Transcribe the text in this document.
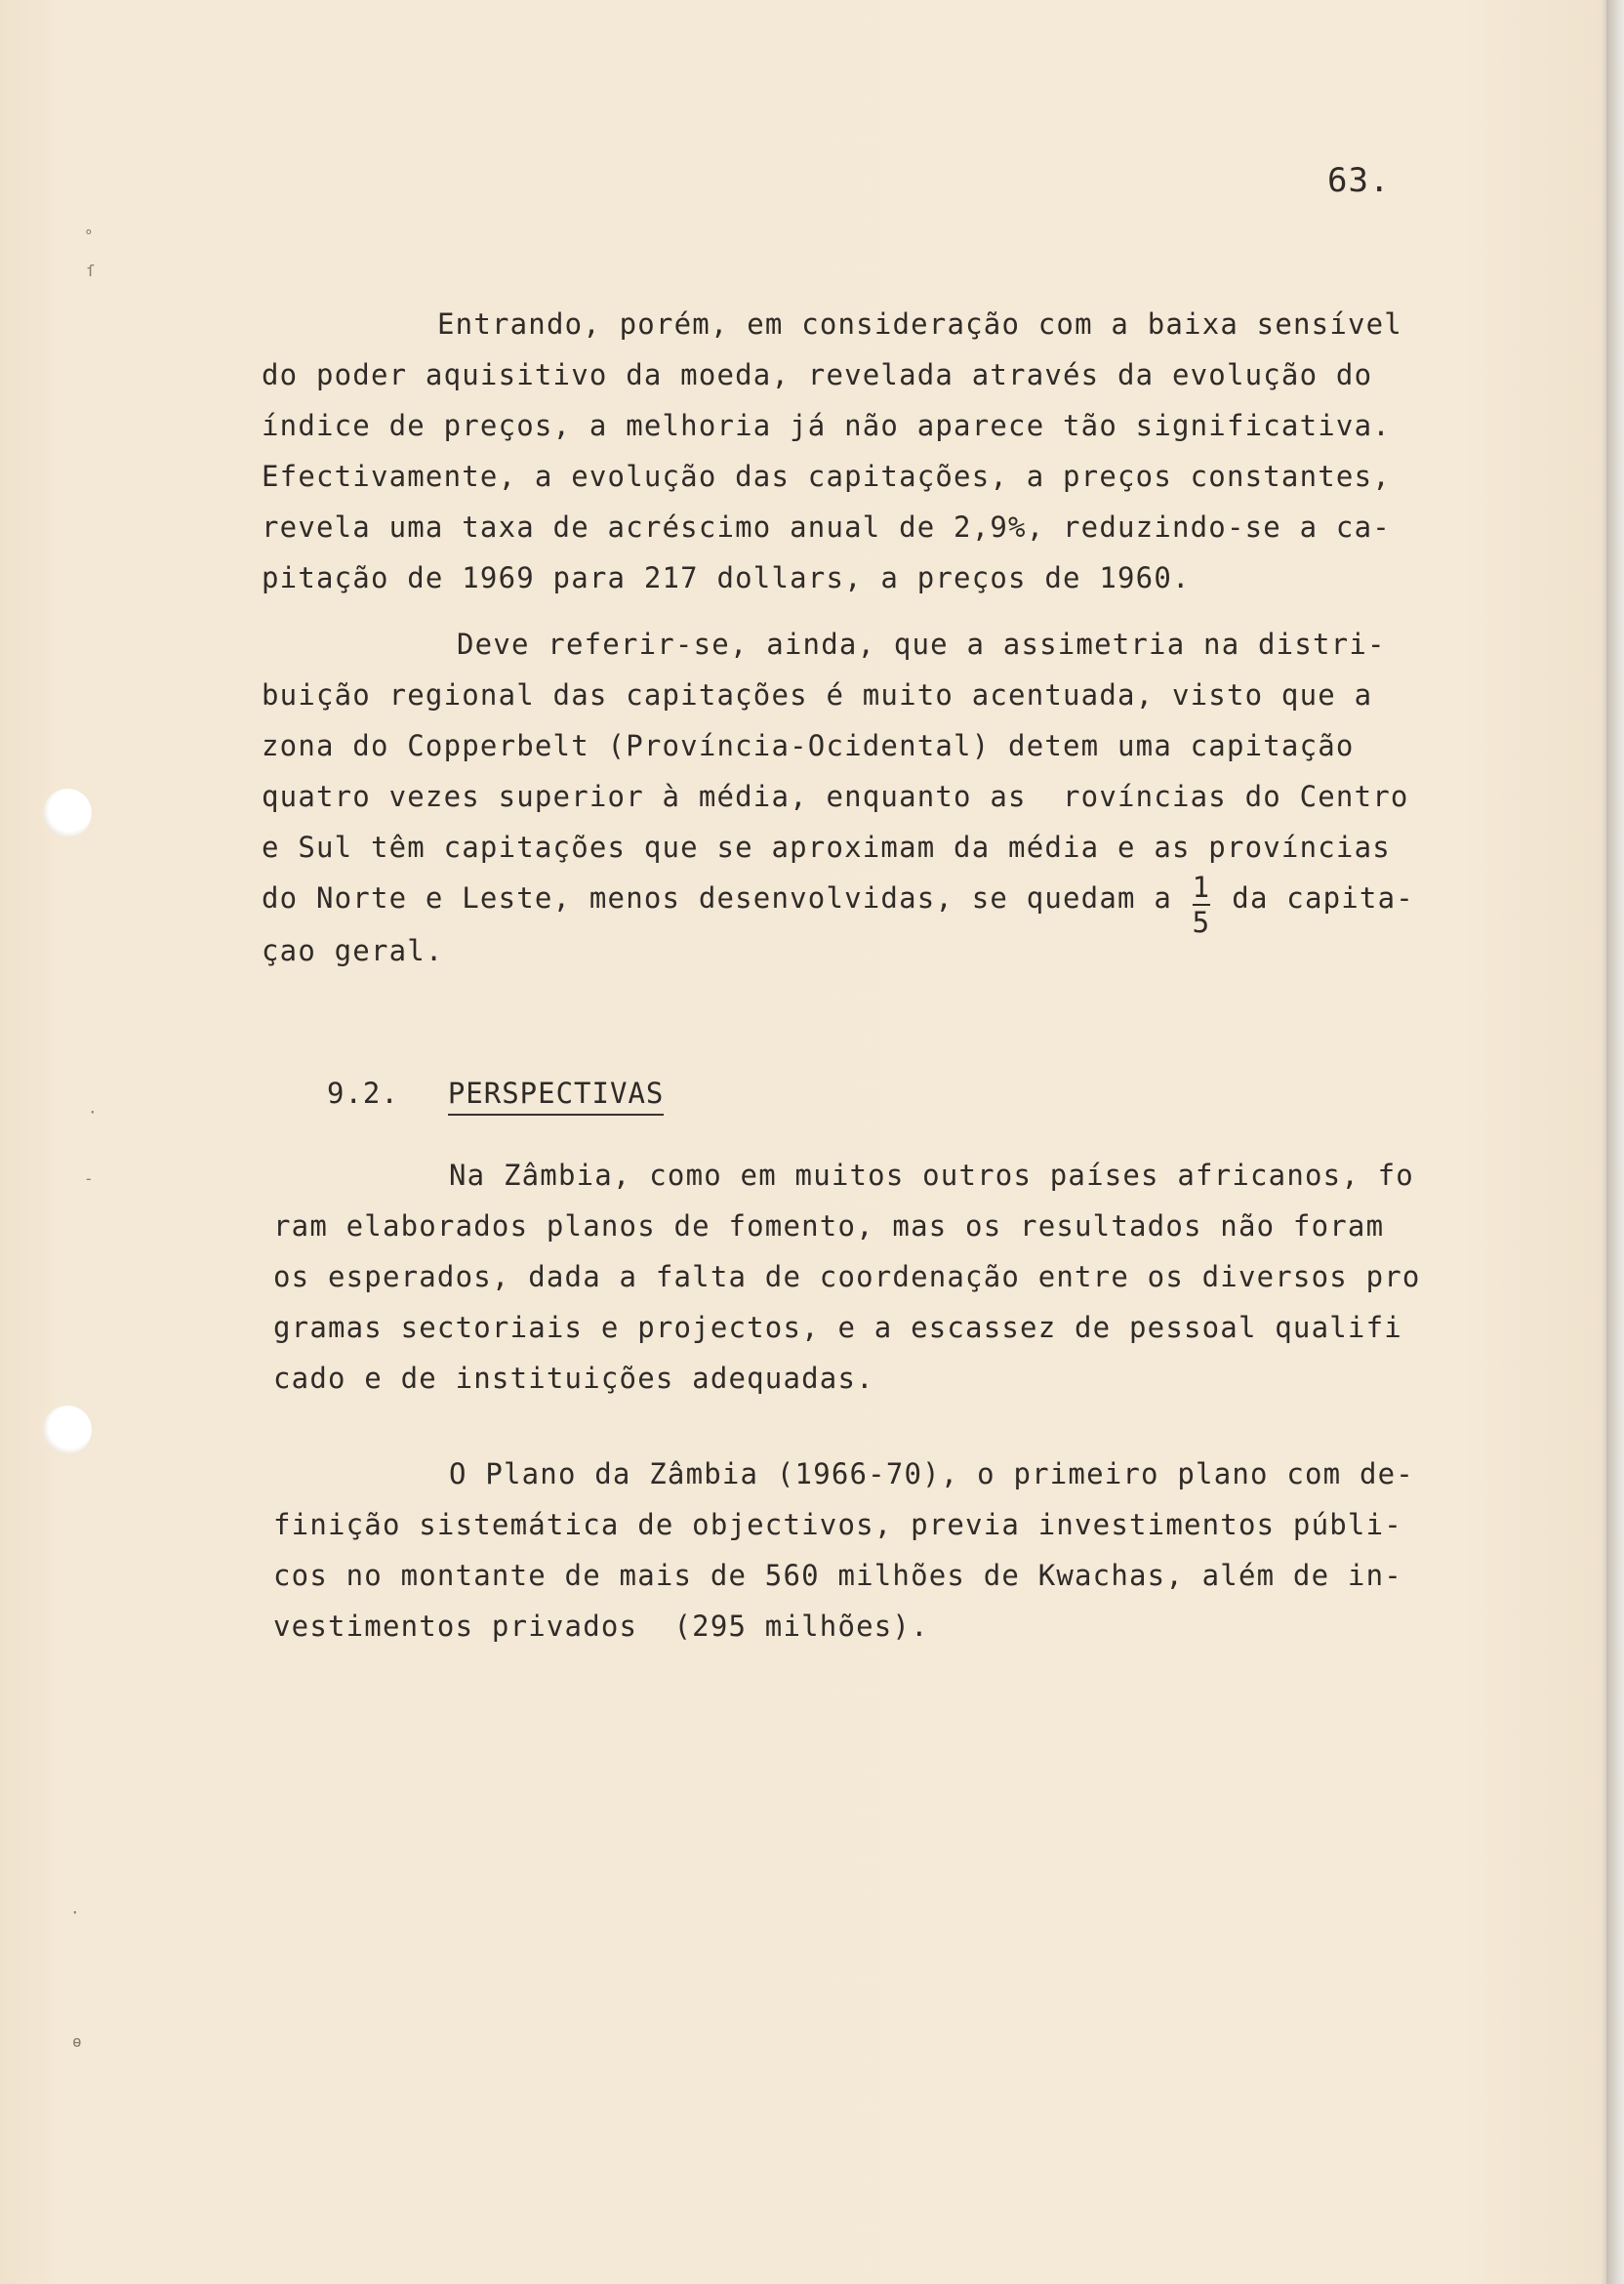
°
ſ
·
-
·
ɵ
63.
Entrando, porém, em consideração com a baixa sensível
do poder aquisitivo da moeda, revelada através da evolução do
índice de preços, a melhoria já não aparece tão significativa.
Efectivamente, a evolução das capitações, a preços constantes,
revela uma taxa de acréscimo anual de 2,9%, reduzindo-se a ca-
pitação de 1969 para 217 dollars, a preços de 1960.
Deve referir-se, ainda, que a assimetria na distri-
buição regional das capitações é muito acentuada, visto que a
zona do Copperbelt (Província-Ocidental) detem uma capitação
quatro vezes superior à média, enquanto as  rovíncias do Centro
e Sul têm capitações que se aproximam da média e as províncias
do Norte e Leste, menos desenvolvidas, se quedam a $\frac{1}{5}$ da capita-
çao geral.
9.2. PERSPECTIVAS
Na Zâmbia, como em muitos outros países africanos, fo
ram elaborados planos de fomento, mas os resultados não foram
os esperados, dada a falta de coordenação entre os diversos pro
gramas sectoriais e projectos, e a escassez de pessoal qualifi
cado e de instituições adequadas.
O Plano da Zâmbia (1966-70), o primeiro plano com de-
finição sistemática de objectivos, previa investimentos públi-
cos no montante de mais de 560 milhões de Kwachas, além de in-
vestimentos privados  (295 milhões).
